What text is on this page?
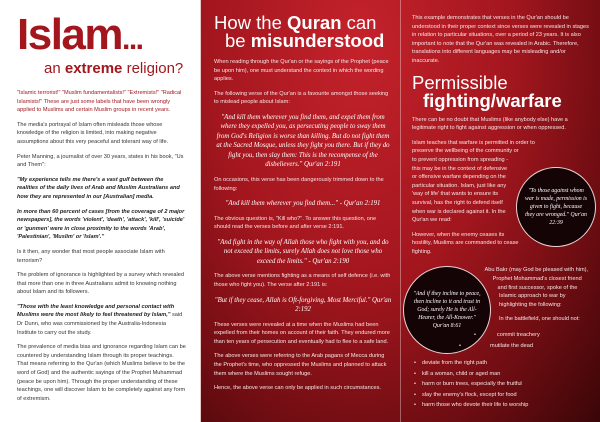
Islam...
an extreme religion?

"Islamic terrorist!" "Muslim fundamentalists!" "Extremists!" "Radical Islamists!" These are just some labels that have been wrongly applied to Muslims and certain Muslim groups in recent years.

The media's portrayal of Islam often misleads those whose knowledge of the religion is limited, into making negative assumptions about this very peaceful and tolerant way of life.

Peter Manning, a journalist of over 30 years, states in his book, "Us and Them":

"My experience tells me there's a vast gulf between the realities of the daily lives of Arab and Muslim Australians and how they are represented in our [Australian] media.

In more than 60 percent of cases [from the coverage of 2 major newspapers], the words 'violent', 'death', 'attack', 'kill', 'suicide' or 'gunmen' were in close proximity to the words 'Arab', 'Palestinian', 'Muslim' or 'Islam'."

Is it then, any wonder that most people associate Islam with terrorism?

The problem of ignorance is highlighted by a survey which revealed that more than one in three Australians admit to knowing nothing about Islam and its followers.

"Those with the least knowledge and personal contact with Muslims were the most likely to feel threatened by Islam," said Dr Dunn, who was commissioned by the Australia-Indonesia Institute to carry out the study.

The prevalence of media bias and ignorance regarding Islam can be countered by understanding Islam through its proper teachings. That means referring to the Qur'an (which Muslims believe to be the word of God) and the authentic sayings of the Prophet Muhammad (peace be upon him). Through the proper understanding of these teachings, one will discover Islam to be completely against any form of extremism.

How the Quran can
be misunderstood

When reading through the Qur'an or the sayings of the Prophet (peace be upon him), one must understand the context in which the wording applies.

The following verse of the Qur'an is a favourite amongst those seeking to mislead people about Islam:

"And kill them wherever you find them, and expel them from where they expelled you, as persecuting people to sway them from God's Religion is worse than killing. But do not fight them at the Sacred Mosque, unless they fight you there. But if they do fight you, then slay them: This is the recompense of the disbelievers." Qur'an 2:191

On occasions, this verse has been dangerously trimmed down to the following:

"And kill them wherever you find them..." - Qur'an 2:191

The obvious question is, "Kill who?". To answer this question, one should read the verses before and after verse 2:191.

"And fight in the way of Allah those who fight with you, and do not exceed the limits, surely Allah does not love those who exceed the limits." - Qur'an 2:190

The above verse mentions fighting as a means of self defence (i.e. with those who fight you). The verse after 2:191 is:

"But if they cease, Allah is Oft-forgiving, Most Merciful." Qur'an 2:192

These verses were revealed at a time when the Muslims had been expelled from their homes on account of their faith. They endured more than ten years of persecution and eventually had to flee to a safe land.

The above verses were referring to the Arab pagans of Mecca during the Prophet's time, who oppressed the Muslims and planned to attack them where the Muslims sought refuge.

Hence, the above verse can only be applied in such circumstances.

This example demonstrates that verses in the Qur'an should be understood in their proper context since verses were revealed in stages in relation to particular situations, over a period of 23 years. It is also important to note that the Qur'an was revealed in Arabic. Therefore, translations into different languages may be misleading and/or inaccurate.

Permissible
fighting/warfare

There can be no doubt that Muslims (like anybody else) have a legitimate right to fight against aggression or when oppressed.

"To those against whom war is made, permission is given to fight, because they are wronged." Qur'an 22:39

Islam teaches that warfare is permitted in order to preserve the wellbeing of the community or to prevent oppression from spreading - this may be in the context of defensive or offensive warfare depending on the particular situation. Islam, just like any 'way of life' that wants to ensure its survival, has the right to defend itself when war is declared against it. In the Qur'an we read:

However, when the enemy ceases its hostility, Muslims are commanded to cease fighting.

"And if they incline to peace, then incline to it and trust in God; surely He is the All-Hearer, the All-Knower." Qur'an 8:61

Abu Bakr (may God be pleased with him), Prophet Mohammad's closest friend and first successor, spoke of the Islamic approach to war by highlighting the following:

In the battlefield, one should not:

• commit treachery
• mutilate the dead
• deviate from the right path
• kill a woman, child or aged man
• harm or burn trees, especially the fruitful
• slay the enemy's flock, except for food
• harm those who devote their life to worship
